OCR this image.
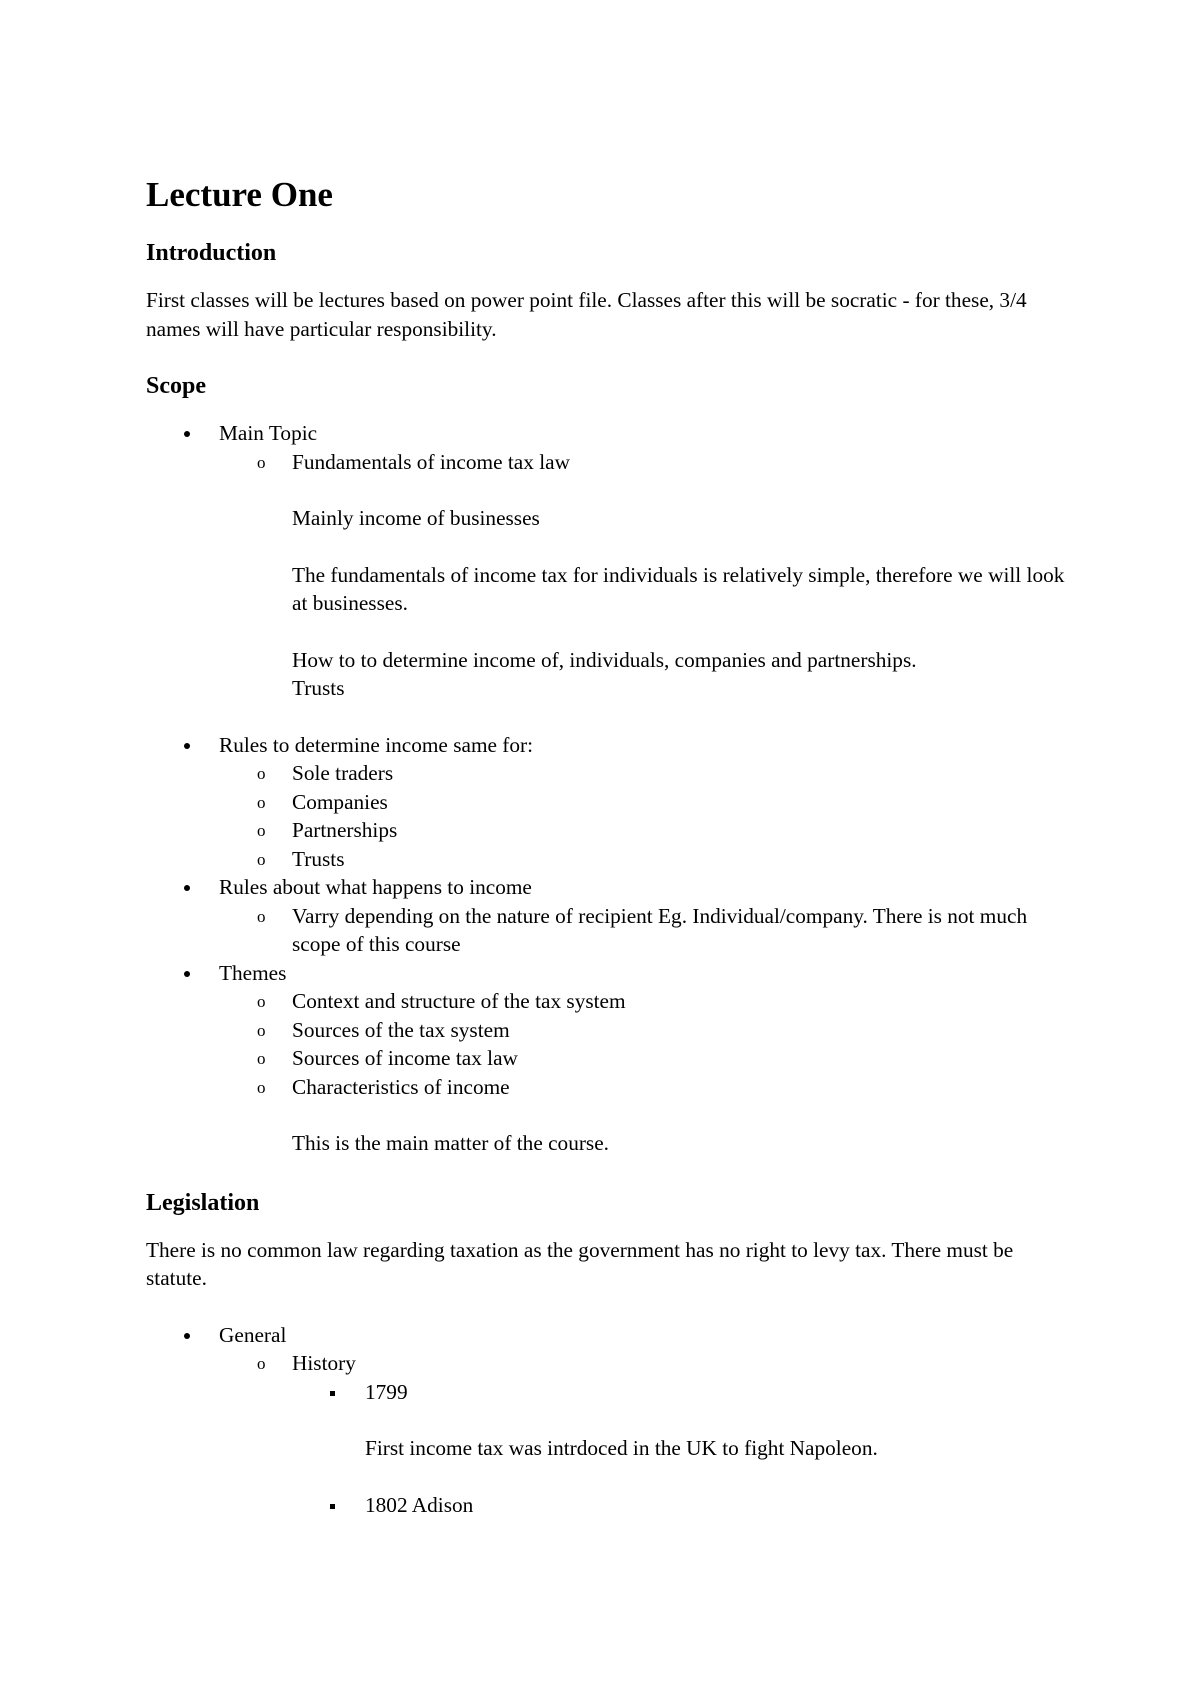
Lecture One
Introduction

First classes will be lectures based on power point file. Classes after this will be socratic - for these, 3/4 names will have particular responsibility.

Scope
Main Topic
Fundamentals of income tax law
Mainly income of businesses
The fundamentals of income tax for individuals is relatively simple, therefore we will look at businesses.
How to to determine income of, individuals, companies and partnerships.
Trusts
Rules to determine income same for:
Sole traders
Companies
Partnerships
Trusts
Rules about what happens to income
Varry depending on the nature of recipient Eg. Individual/company. There is not much scope of this course
Themes
Context and structure of the tax system
Sources of the tax system
Sources of income tax law
Characteristics of income
This is the main matter of the course.
Legislation

There is no common law regarding taxation as the government has no right to levy tax. There must be statute.

General
History
1799
First income tax was intrdoced in the UK to fight Napoleon.
1802 Adison
